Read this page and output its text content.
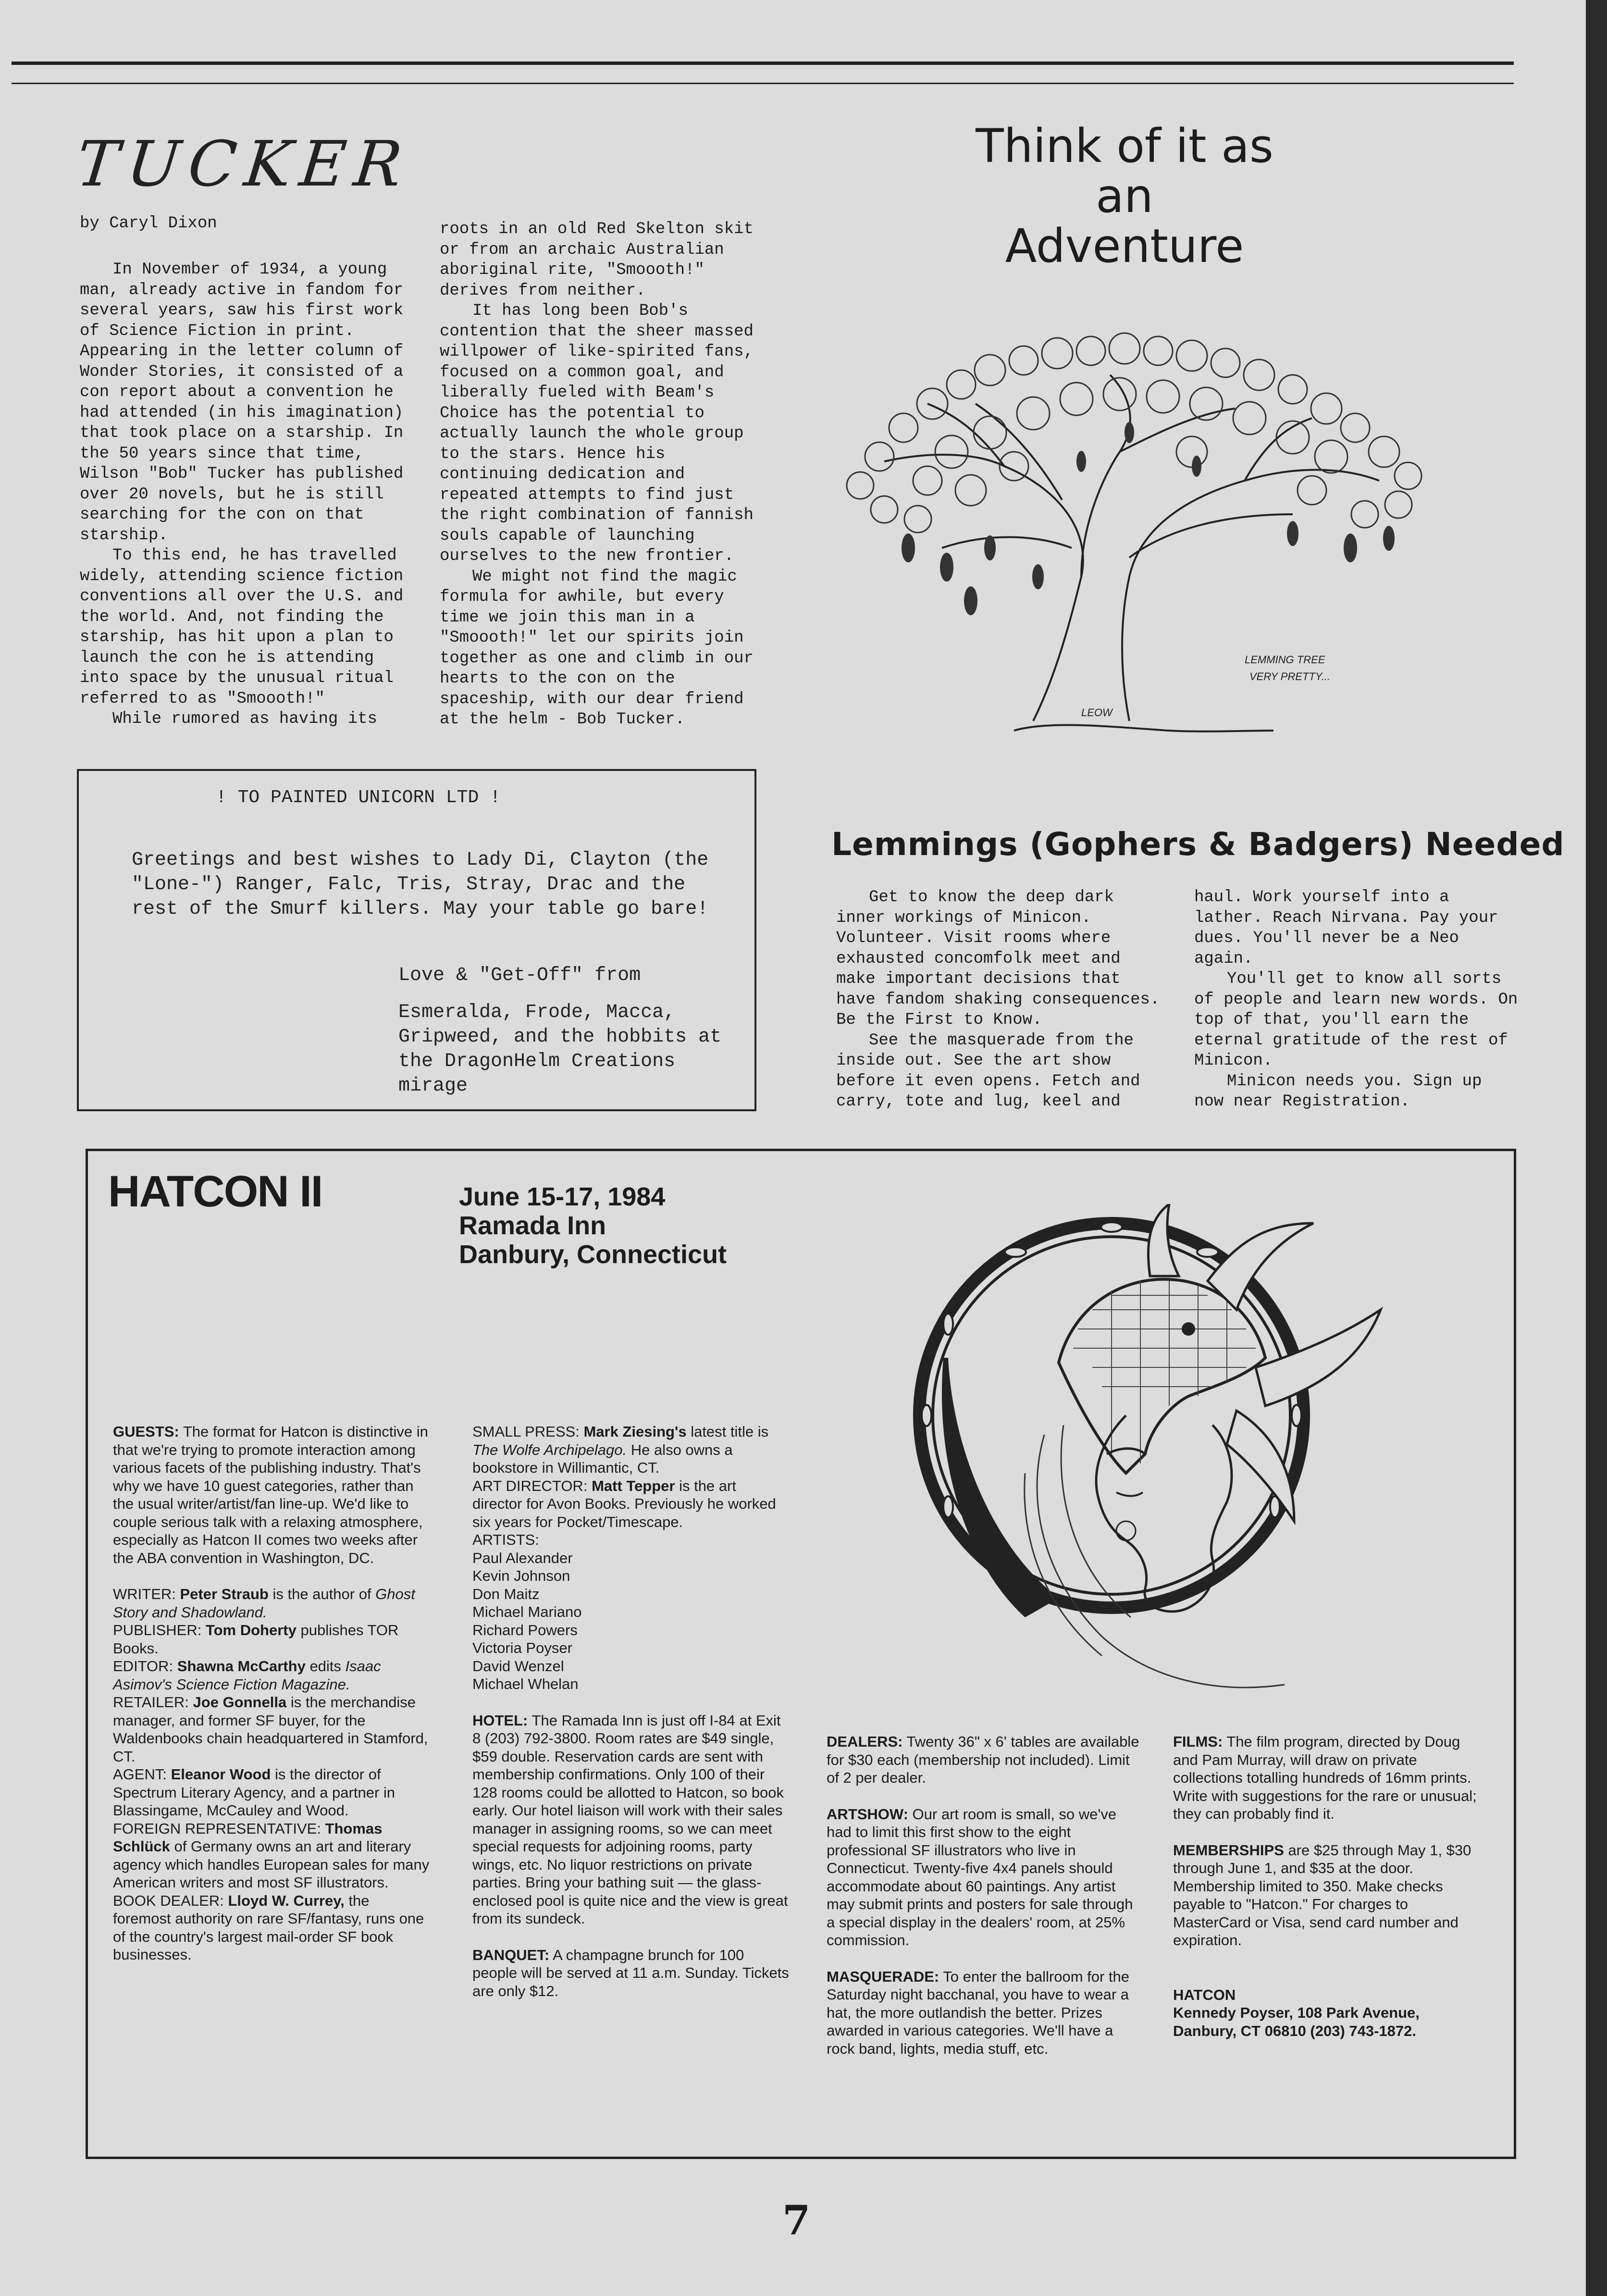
TUCKER
by Caryl Dixon

In November of 1934, a young man, already active in fandom for several years, saw his first work of Science Fiction in print. Appearing in the letter column of Wonder Stories, it consisted of a con report about a convention he had attended (in his imagination) that took place on a starship. In the 50 years since that time, Wilson "Bob" Tucker has published over 20 novels, but he is still searching for the con on that starship.

To this end, he has travelled widely, attending science fiction conventions all over the U.S. and the world. And, not finding the starship, has hit upon a plan to launch the con he is attending into space by the unusual ritual referred to as "Smoooth!"

While rumored as having its

roots in an old Red Skelton skit or from an archaic Australian aboriginal rite, "Smoooth!" derives from neither.

It has long been Bob's contention that the sheer massed willpower of like-spirited fans, focused on a common goal, and liberally fueled with Beam's Choice has the potential to actually launch the whole group to the stars. Hence his continuing dedication and repeated attempts to find just the right combination of fannish souls capable of launching ourselves to the new frontier.

We might not find the magic formula for awhile, but every time we join this man in a "Smoooth!" let our spirits join together as one and climb in our hearts to the con on the spaceship, with our dear friend at the helm - Bob Tucker.

Think of it as
an Adventure
LEMMING TREE
VERY PRETTY...
LEOW
! TO PAINTED UNICORN LTD !
Greetings and best wishes to Lady Di, Clayton (the "Lone-") Ranger, Falc, Tris, Stray, Drac and the rest of the Smurf killers. May your table go bare!

Love & "Get-Off" from

Esmeralda, Frode, Macca, Gripweed, and the hobbits at the DragonHelm Creations mirage

Lemmings (Gophers & Badgers) Needed

Get to know the deep dark inner workings of Minicon. Volunteer. Visit rooms where exhausted concomfolk meet and make important decisions that have fandom shaking consequences. Be the First to Know.

See the masquerade from the inside out. See the art show before it even opens. Fetch and carry, tote and lug, keel and

haul. Work yourself into a lather. Reach Nirvana. Pay your dues. You'll never be a Neo again.

You'll get to know all sorts of people and learn new words. On top of that, you'll earn the eternal gratitude of the rest of Minicon.

Minicon needs you. Sign up now near Registration.

HATCON II	June 15-17, 1984
Ramada Inn
Danbury, Connecticut

GUESTS: The format for Hatcon is distinctive in that we're trying to promote interaction among various facets of the publishing industry. That's why we have 10 guest categories, rather than the usual writer/artist/fan line-up. We'd like to couple serious talk with a relaxing atmosphere, especially as Hatcon II comes two weeks after the ABA convention in Washington, DC.

WRITER: Peter Straub is the author of Ghost Story and Shadowland.

PUBLISHER: Tom Doherty publishes TOR Books.

EDITOR: Shawna McCarthy edits Isaac Asimov's Science Fiction Magazine.

RETAILER: Joe Gonnella is the merchandise manager, and former SF buyer, for the Waldenbooks chain headquartered in Stamford, CT.

AGENT: Eleanor Wood is the director of Spectrum Literary Agency, and a partner in Blassingame, McCauley and Wood.

FOREIGN REPRESENTATIVE: Thomas Schlück of Germany owns an art and literary agency which handles European sales for many American writers and most SF illustrators.

BOOK DEALER: Lloyd W. Currey, the foremost authority on rare SF/fantasy, runs one of the country's largest mail-order SF book businesses.

SMALL PRESS: Mark Ziesing's latest title is The Wolfe Archipelago. He also owns a bookstore in Willimantic, CT.

ART DIRECTOR: Matt Tepper is the art director for Avon Books. Previously he worked six years for Pocket/Timescape.

ARTISTS:

Paul Alexander

Kevin Johnson

Don Maitz

Michael Mariano

Richard Powers

Victoria Poyser

David Wenzel

Michael Whelan

HOTEL: The Ramada Inn is just off I-84 at Exit 8 (203) 792-3800. Room rates are $49 single, $59 double. Reservation cards are sent with membership confirmations. Only 100 of their 128 rooms could be allotted to Hatcon, so book early. Our hotel liaison will work with their sales manager in assigning rooms, so we can meet special requests for adjoining rooms, party wings, etc. No liquor restrictions on private parties. Bring your bathing suit — the glass-enclosed pool is quite nice and the view is great from its sundeck.

BANQUET: A champagne brunch for 100 people will be served at 11 a.m. Sunday. Tickets are only $12.

DEALERS: Twenty 36" x 6' tables are available for $30 each (membership not included). Limit of 2 per dealer.

ARTSHOW: Our art room is small, so we've had to limit this first show to the eight professional SF illustrators who live in Connecticut. Twenty-five 4x4 panels should accommodate about 60 paintings. Any artist may submit prints and posters for sale through a special display in the dealers' room, at 25% commission.

MASQUERADE: To enter the ballroom for the Saturday night bacchanal, you have to wear a hat, the more outlandish the better. Prizes awarded in various categories. We'll have a rock band, lights, media stuff, etc.

FILMS: The film program, directed by Doug and Pam Murray, will draw on private collections totalling hundreds of 16mm prints. Write with suggestions for the rare or unusual; they can probably find it.

MEMBERSHIPS are $25 through May 1, $30 through June 1, and $35 at the door. Membership limited to 350. Make checks payable to "Hatcon." For charges to MasterCard or Visa, send card number and expiration.

HATCON
Kennedy Poyser, 108 Park Avenue,
Danbury, CT 06810 (203) 743-1872.

7
